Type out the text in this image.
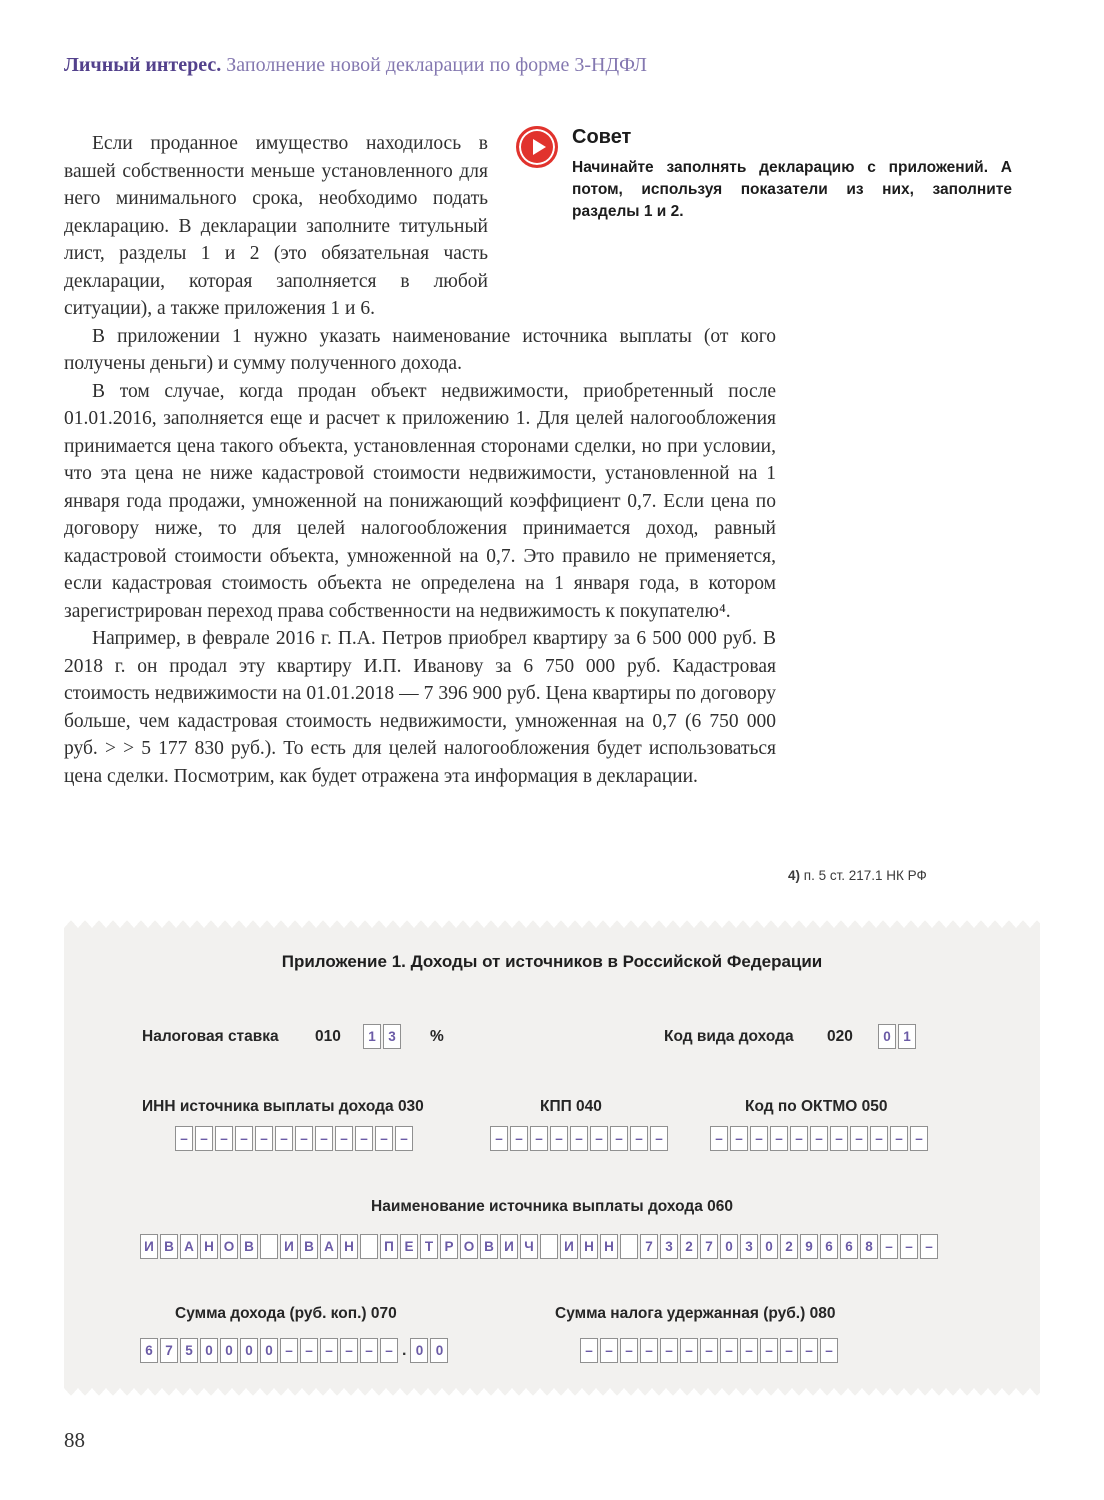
Личный интерес. Заполнение новой декларации по форме 3-НДФЛ

Если проданное имущество находилось в вашей собственности меньше установленного для него минимального срока, необходимо подать декларацию. В декларации заполните титульный лист, разделы 1 и 2 (это обязательная часть декларации, которая заполняется в любой ситуации), а также приложения 1 и 6.

В приложении 1 нужно указать наименование источника выплаты (от кого получены деньги) и сумму полученного дохода.

В том случае, когда продан объект недвижимости, приобретенный после 01.01.2016, заполняется еще и расчет к приложению 1. Для целей налогообложения принимается цена такого объекта, установленная сторонами сделки, но при условии, что эта цена не ниже кадастровой стоимости недвижимости, установленной на 1 января года продажи, умноженной на понижающий коэффициент 0,7. Если цена по договору ниже, то для целей налогообложения принимается доход, равный кадастровой стоимости объекта, умноженной на 0,7. Это правило не применяется, если кадастровая стоимость объекта не определена на 1 января года, в котором зарегистрирован переход права собственности на недвижимость к покупателю⁴.

Например, в феврале 2016 г. П.А. Петров приобрел квартиру за 6 500 000 руб. В 2018 г. он продал эту квартиру И.П. Иванову за 6 750 000 руб. Кадастровая стоимость недвижимости на 01.01.2018 — 7 396 900 руб. Цена квартиры по договору больше, чем кадастровая стоимость недвижимости, умноженная на 0,7 (6 750 000 руб. > > 5 177 830 руб.). То есть для целей налогообложения будет использоваться цена сделки. Посмотрим, как будет отражена эта информация в декларации.

Совет
Начинайте заполнять декларацию с приложений. А потом, используя показатели из них, заполните разделы 1 и 2.
4) п. 5 ст. 217.1 НК РФ
Приложение 1. Доходы от источников в Российской Федерации
Налоговая ставка 010	1 3	%	Код вида дохода 020	0 1
ИНН источника выплаты дохода 030	КПП 040	Код по ОКТМО 050
– – – – – – – – – – – –	– – – – – – – – –	– – – – – – – – – – –
Наименование источника выплаты дохода 060
И В А Н О В	И В А Н	П Е Т Р О В И Ч	И Н Н	7 3 2 7 0 3 0 2 9 6 6 8 – – –
Сумма дохода (руб. коп.) 070	Сумма налога удержанная (руб.) 080
6 7 5 0 0 0 0 – – – – – – . 0 0	– – – – – – – – – – – – –
88
